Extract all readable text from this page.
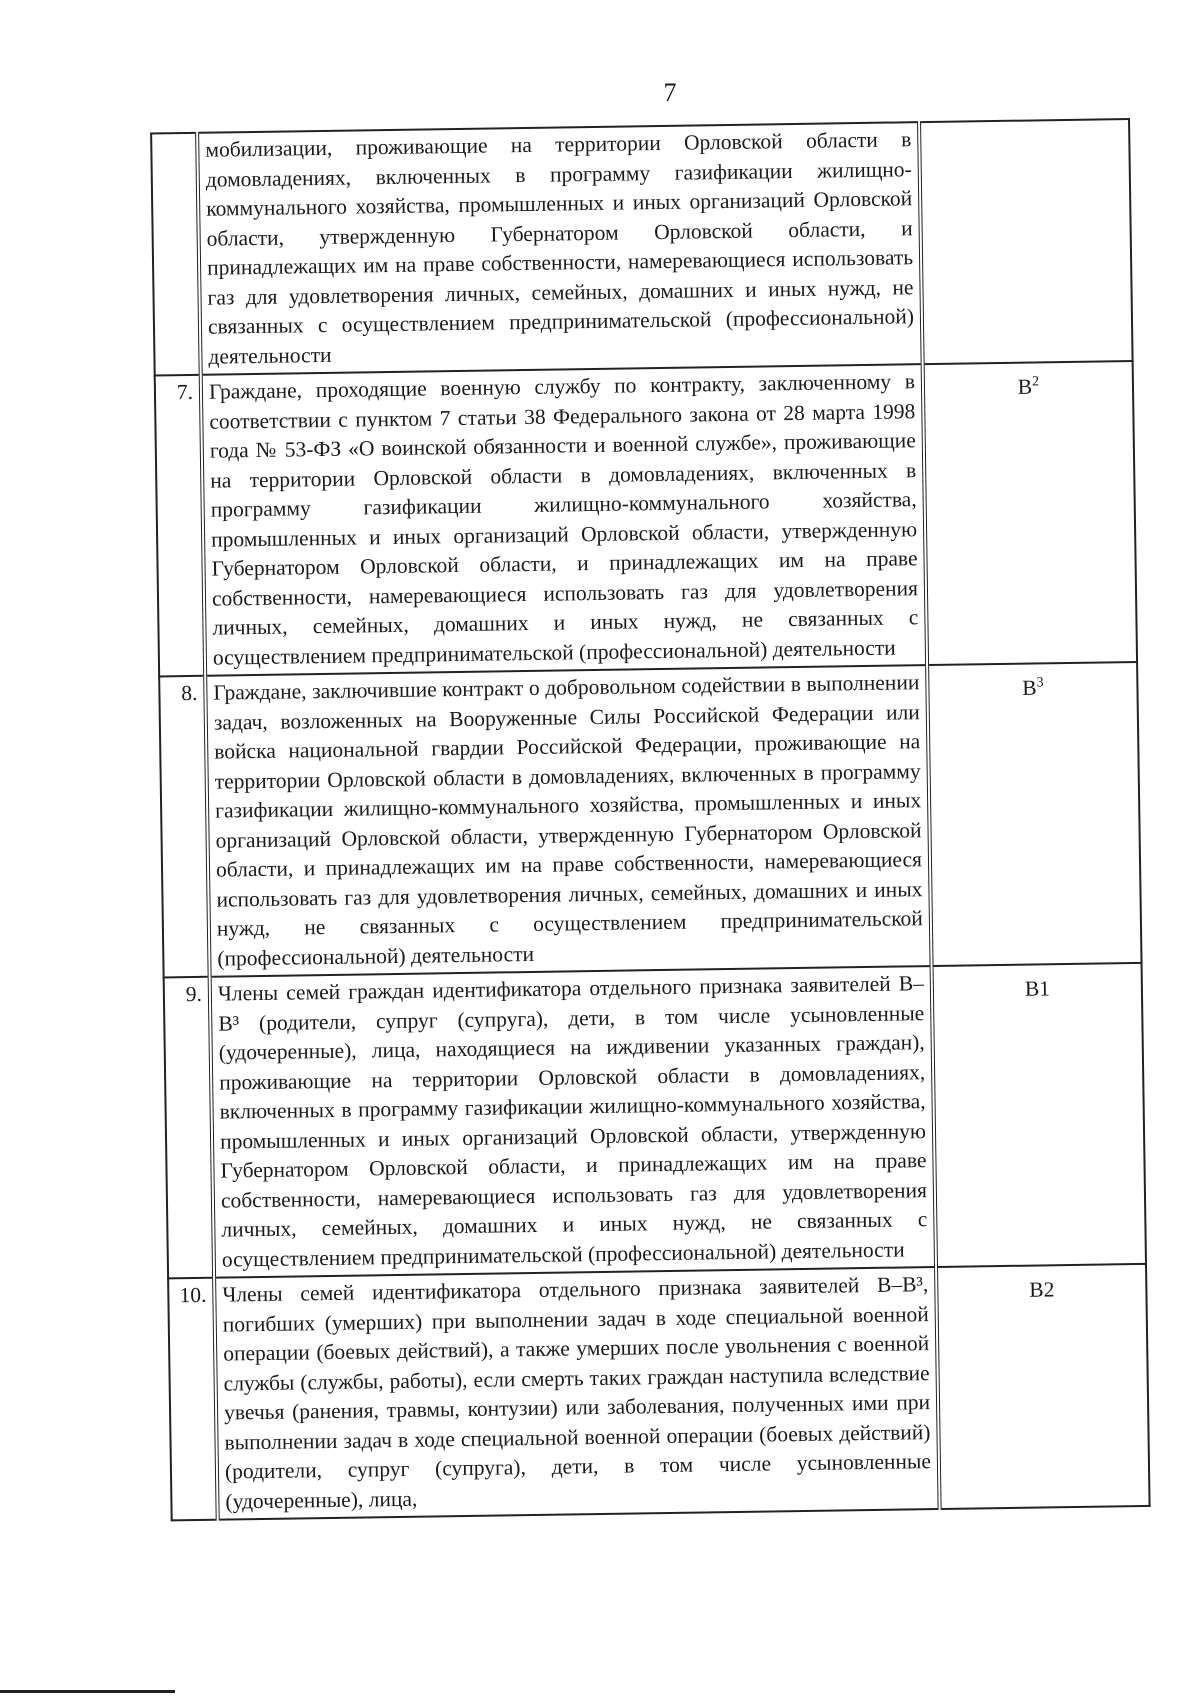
7
	мобилизации, проживающие на территории Орловской области в домовладениях, включенных в программу газификации жилищно-коммунального хозяйства, промышленных и иных организаций Орловской области, утвержденную Губернатором Орловской области, и принадлежащих им на праве собственности, намеревающиеся использовать газ для удовлетворения личных, семейных, домашних и иных нужд, не связанных с осуществлением предпринимательской (профессиональной) деятельности	
7.	Граждане, проходящие военную службу по контракту, заключенному в соответствии с пунктом 7 статьи 38 Федерального закона от 28 марта 1998 года № 53-ФЗ «О воинской обязанности и военной службе», проживающие на территории Орловской области в домовладениях, включенных в программу газификации жилищно-коммунального хозяйства, промышленных и иных организаций Орловской области, утвержденную Губернатором Орловской области, и принадлежащих им на праве собственности, намеревающиеся использовать газ для удовлетворения личных, семейных, домашних и иных нужд, не связанных с осуществлением предпринимательской (профессиональной) деятельности	$В^2$
8.	Граждане, заключившие контракт о добровольном содействии в выполнении задач, возложенных на Вооруженные Силы Российской Федерации или войска национальной гвардии Российской Федерации, проживающие на территории Орловской области в домовладениях, включенных в программу газификации жилищно-коммунального хозяйства, промышленных и иных организаций Орловской области, утвержденную Губернатором Орловской области, и принадлежащих им на праве собственности, намеревающиеся использовать газ для удовлетворения личных, семейных, домашних и иных нужд, не связанных с осуществлением предпринимательской (профессиональной) деятельности	$В^3$
9.	Члены семей граждан идентификатора отдельного признака заявителей В–В³ (родители, супруг (супруга), дети, в том числе усыновленные (удочеренные), лица, находящиеся на иждивении указанных граждан), проживающие на территории Орловской области в домовладениях, включенных в программу газификации жилищно-коммунального хозяйства, промышленных и иных организаций Орловской области, утвержденную Губернатором Орловской области, и принадлежащих им на праве собственности, намеревающиеся использовать газ для удовлетворения личных, семейных, домашних и иных нужд, не связанных с осуществлением предпринимательской (профессиональной) деятельности	В1
10.	Члены семей идентификатора отдельного признака заявителей В–В³, погибших (умерших) при выполнении задач в ходе специальной военной операции (боевых действий), а также умерших после увольнения с военной службы (службы, работы), если смерть таких граждан наступила вследствие увечья (ранения, травмы, контузии) или заболевания, полученных ими при выполнении задач в ходе специальной военной операции (боевых действий) (родители, супруг (супруга), дети, в том числе усыновленные (удочеренные), лица,	В2
